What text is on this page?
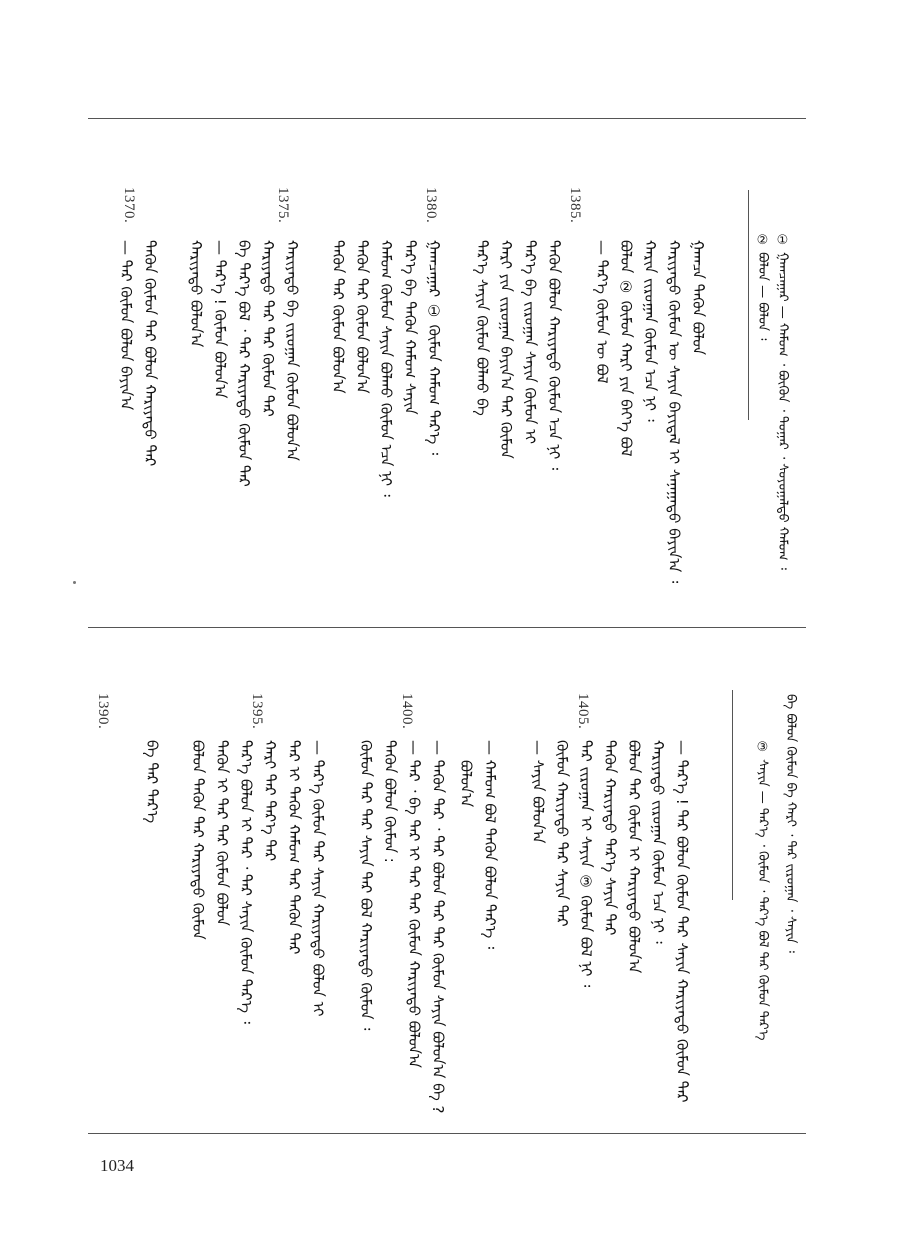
② ᠪᠣᠯᠤᠨ — ᠪᠣᠯᠤᠨ ᠄ ① ᠭᠠᠭᠴᠠᠭᠠᠷ — ᠬᠠᠮᠤᠭ ᠂ ᠪᠦᠬᠦᠨ ᠂ ᠳᠤᠭᠠᠷ ᠂ ᠰᠣᠶᠤᠭᠠᠯᠲᠤ ᠬᠠᠮᠤᠭ ᠄
ᠭᠠᠭᠴᠠ ᠲᠡᠭᠦᠨ ᠪᠣᠯᠤᠨ
ᠬᠠᠷᠢᠶᠠᠲᠤ ᠬᠦᠮᠦᠨ ᠦ ᠰᠠᠶᠢᠨ ᠪᠠᠶᠢᠳᠠᠯ ᠢ ᠰᠠᠨᠠᠭᠠᠳᠤ ᠪᠠᠶᠢᠨ᠎ᠠ ᠄
ᠬᠠᠷᠢᠨ ᠵᠢᠷᠤᠭᠠᠨ ᠬᠦᠮᠦᠨ ᠡᠴᠡ ᠨᠢ ᠄
ᠪᠣᠯᠤᠨ ② ᠬᠦᠮᠦᠨ ᠬᠠᠷᠢ ᠶᠢᠨ ᠪᠡᠶ᠎ᠡ ᠪᠣᠯ
— ᠲᠡᠷ᠎ᠡ ᠬᠦᠮᠦᠨ ᠦ ᠪᠣᠯ
ᠲᠡᠭᠦᠨ ᠪᠣᠯᠤᠨ ᠬᠠᠷᠢᠶᠠᠲᠤ ᠬᠦᠮᠦᠨ ᠡᠴᠡ ᠨᠢ ᠄
ᠲᠡᠷ᠎ᠡ ᠪᠡ ᠵᠢᠷᠤᠭᠠᠨ ᠰᠠᠶᠢᠨ ᠬᠦᠮᠦᠨ ᠢ
ᠬᠠᠷᠢ ᠶᠢᠨ ᠵᠢᠷᠤᠭᠠᠨ ᠪᠠᠶᠢᠨ᠎ᠠ ᠲᠡᠷ ᠬᠦᠮᠦᠨ
ᠲᠡᠷ᠎ᠡ ᠰᠠᠶᠢᠨ ᠬᠦᠮᠦᠨ ᠪᠣᠯᠬᠤ ᠪᠡ
ᠭᠠᠭᠴᠠᠭᠠᠷ ① ᠬᠦᠮᠦᠨ ᠬᠠᠮᠤᠭ ᠲᠡᠷ᠎ᠡ ᠄
ᠲᠡᠷ᠎ᠡ ᠪᠡ ᠲᠡᠭᠦᠨ ᠬᠠᠮᠤᠭ ᠰᠠᠶᠢᠨ
ᠬᠠᠮᠤᠭ ᠬᠦᠮᠦᠨ ᠰᠠᠶᠢᠨ ᠪᠣᠯᠬᠤ ᠬᠦᠮᠦᠨ ᠡᠴᠡ ᠨᠢ ᠄
ᠲᠡᠭᠦᠨ ᠲᠡᠷ ᠬᠦᠮᠦᠨ ᠪᠣᠯᠤᠨ᠎ᠠ
ᠲᠡᠭᠦᠨ ᠲᠡᠷ ᠬᠦᠮᠦᠨ ᠪᠣᠯᠤᠨ᠎ᠠ
ᠬᠠᠷᠢᠶᠠᠲᠤ ᠪᠡ ᠵᠢᠷᠤᠭᠠᠨ ᠬᠦᠮᠦᠨ ᠪᠣᠯᠤᠨ᠎ᠠ
ᠬᠠᠷᠢᠶᠠᠲᠤ ᠲᠡᠷ ᠲᠡᠷ ᠬᠦᠮᠦᠨ ᠲᠡᠷ
ᠪᠡ ᠲᠡᠷ᠎ᠡ ᠪᠣᠯ ᠂ ᠲᠡᠷ ᠬᠠᠷᠢᠶᠠᠲᠤ ᠬᠦᠮᠦᠨ ᠲᠡᠷ
— ᠲᠡᠷ᠎ᠡ ! ᠬᠦᠮᠦᠨ ᠪᠣᠯᠤᠨ᠎ᠠ
ᠬᠠᠷᠢᠶᠠᠲᠤ ᠪᠣᠯᠤᠨ᠎ᠠ
ᠲᠡᠭᠦᠨ ᠬᠦᠮᠦᠨ ᠲᠡᠷ ᠪᠣᠯᠤᠨ ᠬᠠᠷᠢᠶᠠᠲᠤ ᠲᠡᠷ
— ᠲᠡᠷ ᠬᠦᠮᠦᠨ ᠪᠣᠯᠤᠨ ᠪᠠᠶᠢᠨ᠎ᠠ
1385.
1380.
1375.
1370.
ᠪᠡ ᠪᠣᠯᠤᠨ ᠬᠦᠮᠦᠨ ᠪᠡ ᠬᠠᠷᠢ ᠂ ᠲᠡᠷ ᠵᠢᠷᠤᠭᠠᠨ ᠂ ᠰᠠᠶᠢᠨ ᠄
③ ᠰᠠᠶᠢᠨ — ᠲᠡᠷ᠎ᠡ ᠂ ᠬᠦᠮᠦᠨ ᠂ ᠲᠡᠷ᠎ᠡ ᠪᠣᠯ ᠲᠡᠷ ᠬᠦᠮᠦᠨ ᠲᠡᠷ᠎ᠡ
— ᠲᠡᠷ᠎ᠡ ! ᠲᠡᠷ ᠪᠣᠯᠤᠨ ᠬᠦᠮᠦᠨ ᠲᠡᠷ ᠰᠠᠶᠢᠨ ᠬᠠᠷᠢᠶᠠᠲᠤ ᠬᠦᠮᠦᠨ ᠲᠡᠷ
ᠬᠠᠷᠢᠶᠠᠲᠤ ᠵᠢᠷᠤᠭᠠᠨ ᠬᠦᠮᠦᠨ ᠡᠴᠡ ᠨᠢ ᠄
ᠪᠣᠯᠤᠨ ᠲᠡᠷ ᠬᠦᠮᠦᠨ ᠢ ᠬᠠᠷᠢᠶᠠᠲᠤ ᠪᠣᠯᠤᠨ᠎ᠠ
ᠲᠡᠭᠦᠨ ᠬᠠᠷᠢᠶᠠᠲᠤ ᠲᠡᠷ᠎ᠡ ᠰᠠᠶᠢᠨ ᠲᠡᠷ
ᠲᠡᠷ ᠵᠢᠷᠤᠭᠠᠨ ᠢ ᠰᠠᠶᠢᠨ ③ ᠬᠦᠮᠦᠨ ᠪᠣᠯ ᠨᠢ ᠄
ᠬᠦᠮᠦᠨ ᠬᠠᠷᠢᠶᠠᠲᠤ ᠲᠡᠷ ᠰᠠᠶᠢᠨ ᠲᠡᠷ
— ᠰᠠᠶᠢᠨ ᠪᠣᠯᠤᠨ᠎ᠠ
— ᠬᠠᠮᠤᠭ ᠪᠣᠯ ᠲᠡᠭᠦᠨ ᠪᠣᠯᠤᠨ ᠲᠡᠷ᠎ᠡ ᠄
ᠪᠣᠯᠤᠨ᠎ᠠ
— ᠲᠡᠭᠦᠨ ᠲᠡᠷ ᠂ ᠲᠡᠷ ᠪᠣᠯᠤᠨ ᠲᠡᠷ ᠲᠡᠷ ᠬᠦᠮᠦᠨ ᠰᠠᠶᠢᠨ ᠪᠣᠯᠤᠨ᠎ᠠ ᠪᠡ ?
— ᠲᠡᠷ ᠂ ᠪᠡ ᠲᠡᠷ ᠢ ᠲᠡᠷ ᠲᠡᠷ ᠬᠦᠮᠦᠨ ᠬᠠᠷᠢᠶᠠᠲᠤ ᠪᠣᠯᠤᠨ᠎ᠠ
ᠲᠡᠭᠦᠨ ᠪᠣᠯᠤᠨ ᠬᠦᠮᠦᠨ :
ᠬᠦᠮᠦᠨ ᠲᠡᠷ ᠲᠡᠷ ᠰᠠᠶᠢᠨ ᠲᠡᠷ ᠪᠣᠯ ᠬᠠᠷᠢᠶᠠᠲᠤ ᠬᠦᠮᠦᠨ ᠄
— ᠲᠡᠷ᠎ᠡ ᠬᠦᠮᠦᠨ ᠲᠡᠷ ᠰᠠᠶᠢᠨ ᠬᠠᠷᠢᠶᠠᠲᠤ ᠪᠣᠯᠤᠨ ᠢ
ᠲᠡᠷ ᠢ ᠲᠡᠭᠦᠨ ᠬᠠᠮᠤᠭ ᠲᠡᠷ ᠲᠡᠭᠦᠨ ᠲᠡᠷ
ᠬᠠᠷᠢ ᠲᠡᠷ ᠲᠡᠷ᠎ᠡ ᠲᠡᠷ
ᠲᠡᠷ᠎ᠡ ᠪᠣᠯᠤᠨ ᠢ ᠲᠡᠷ ᠂ ᠲᠡᠷ ᠰᠠᠶᠢᠨ ᠬᠦᠮᠦᠨ ᠲᠡᠷ᠎ᠡ ᠄
ᠲᠡᠭᠦᠨ ᠢ ᠲᠡᠷ ᠲᠡᠷ ᠬᠦᠮᠦᠨ ᠪᠣᠯᠤᠨ
ᠪᠣᠯᠤᠨ ᠲᠡᠭᠦᠨ ᠲᠡᠷ ᠬᠠᠷᠢᠶᠠᠲᠤ ᠬᠦᠮᠦᠨ
ᠪᠡ ᠲᠡᠷ ᠲᠡᠷ᠎ᠡ
1405.
1400.
1395.
1390.
1034
